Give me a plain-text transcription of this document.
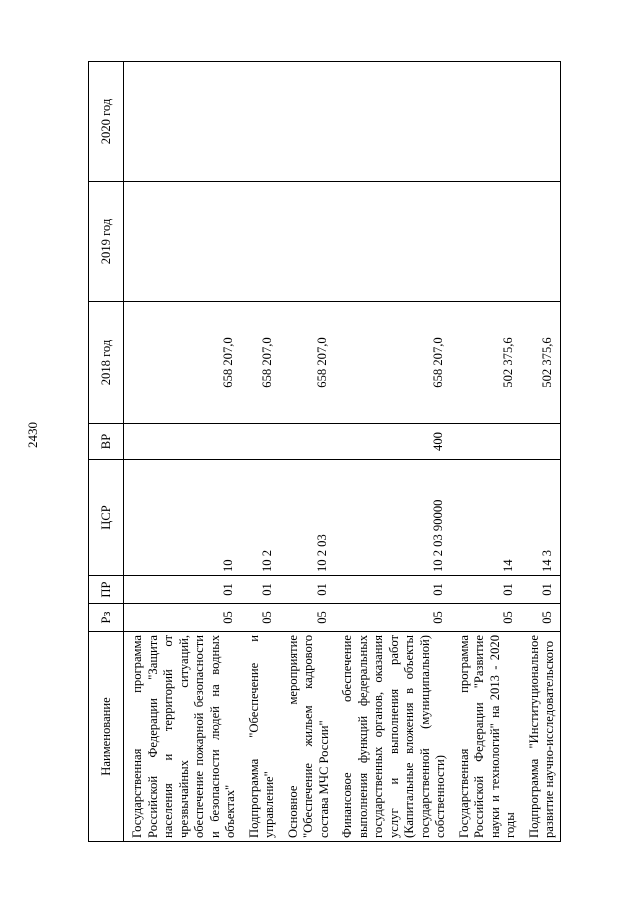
2430
Наименование	Рз	ПР	ЦСР	ВР	2018 год	2019 год	2020 год
Государственная программа Российской Федерации "Защита населения и территорий от чрезвычайных ситуаций, обеспечение пожарной безопасности и безопасности людей на водных объектах"	05	01	10		658 207,0		
Подпрограмма "Обеспечение и управление"	05	01	10 2		658 207,0		
Основное мероприятие "Обеспечение жильем кадрового состава МЧС России"	05	01	10 2 03		658 207,0		
Финансовое обеспечение выполнения функций федеральных государственных органов, оказания услуг и выполнения работ (Капитальные вложения в объекты государственной (муниципальной) собственности)	05	01	10 2 03 90000	400	658 207,0		
Государственная программа Российской Федерации "Развитие науки и технологий" на 2013 - 2020 годы	05	01	14		502 375,6		
Подпрограмма "Институциональное развитие научно-исследовательского	05	01	14 3		502 375,6		
